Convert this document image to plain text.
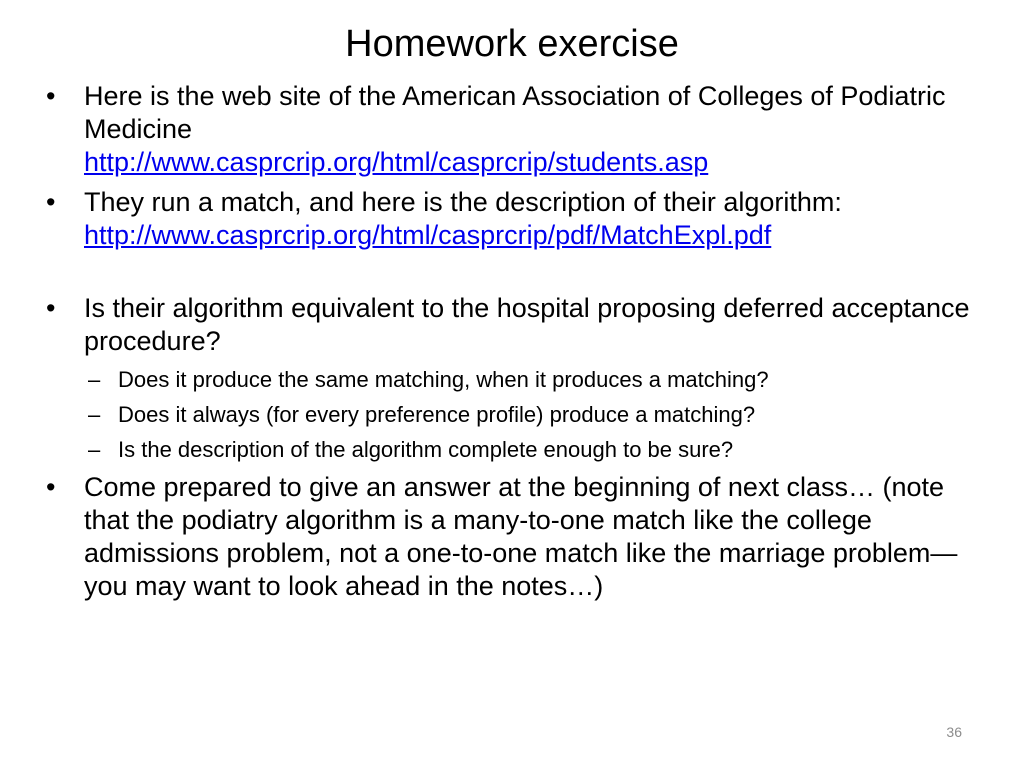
Homework exercise
• Here is the web site of the American Association of Colleges of Podiatric Medicine
http://www.casprcrip.org/html/casprcrip/students.asp
• They run a match, and here is the description of their algorithm:
http://www.casprcrip.org/html/casprcrip/pdf/MatchExpl.pdf
• Is their algorithm equivalent to the hospital proposing deferred acceptance procedure?
– Does it produce the same matching, when it produces a matching?
– Does it always (for every preference profile) produce a matching?
– Is the description of the algorithm complete enough to be sure?
• Come prepared to give an answer at the beginning of next class… (note that the podiatry algorithm is a many-to-one match like the college admissions problem, not a one-to-one match like the marriage problem—you may want to look ahead in the notes…)
36
